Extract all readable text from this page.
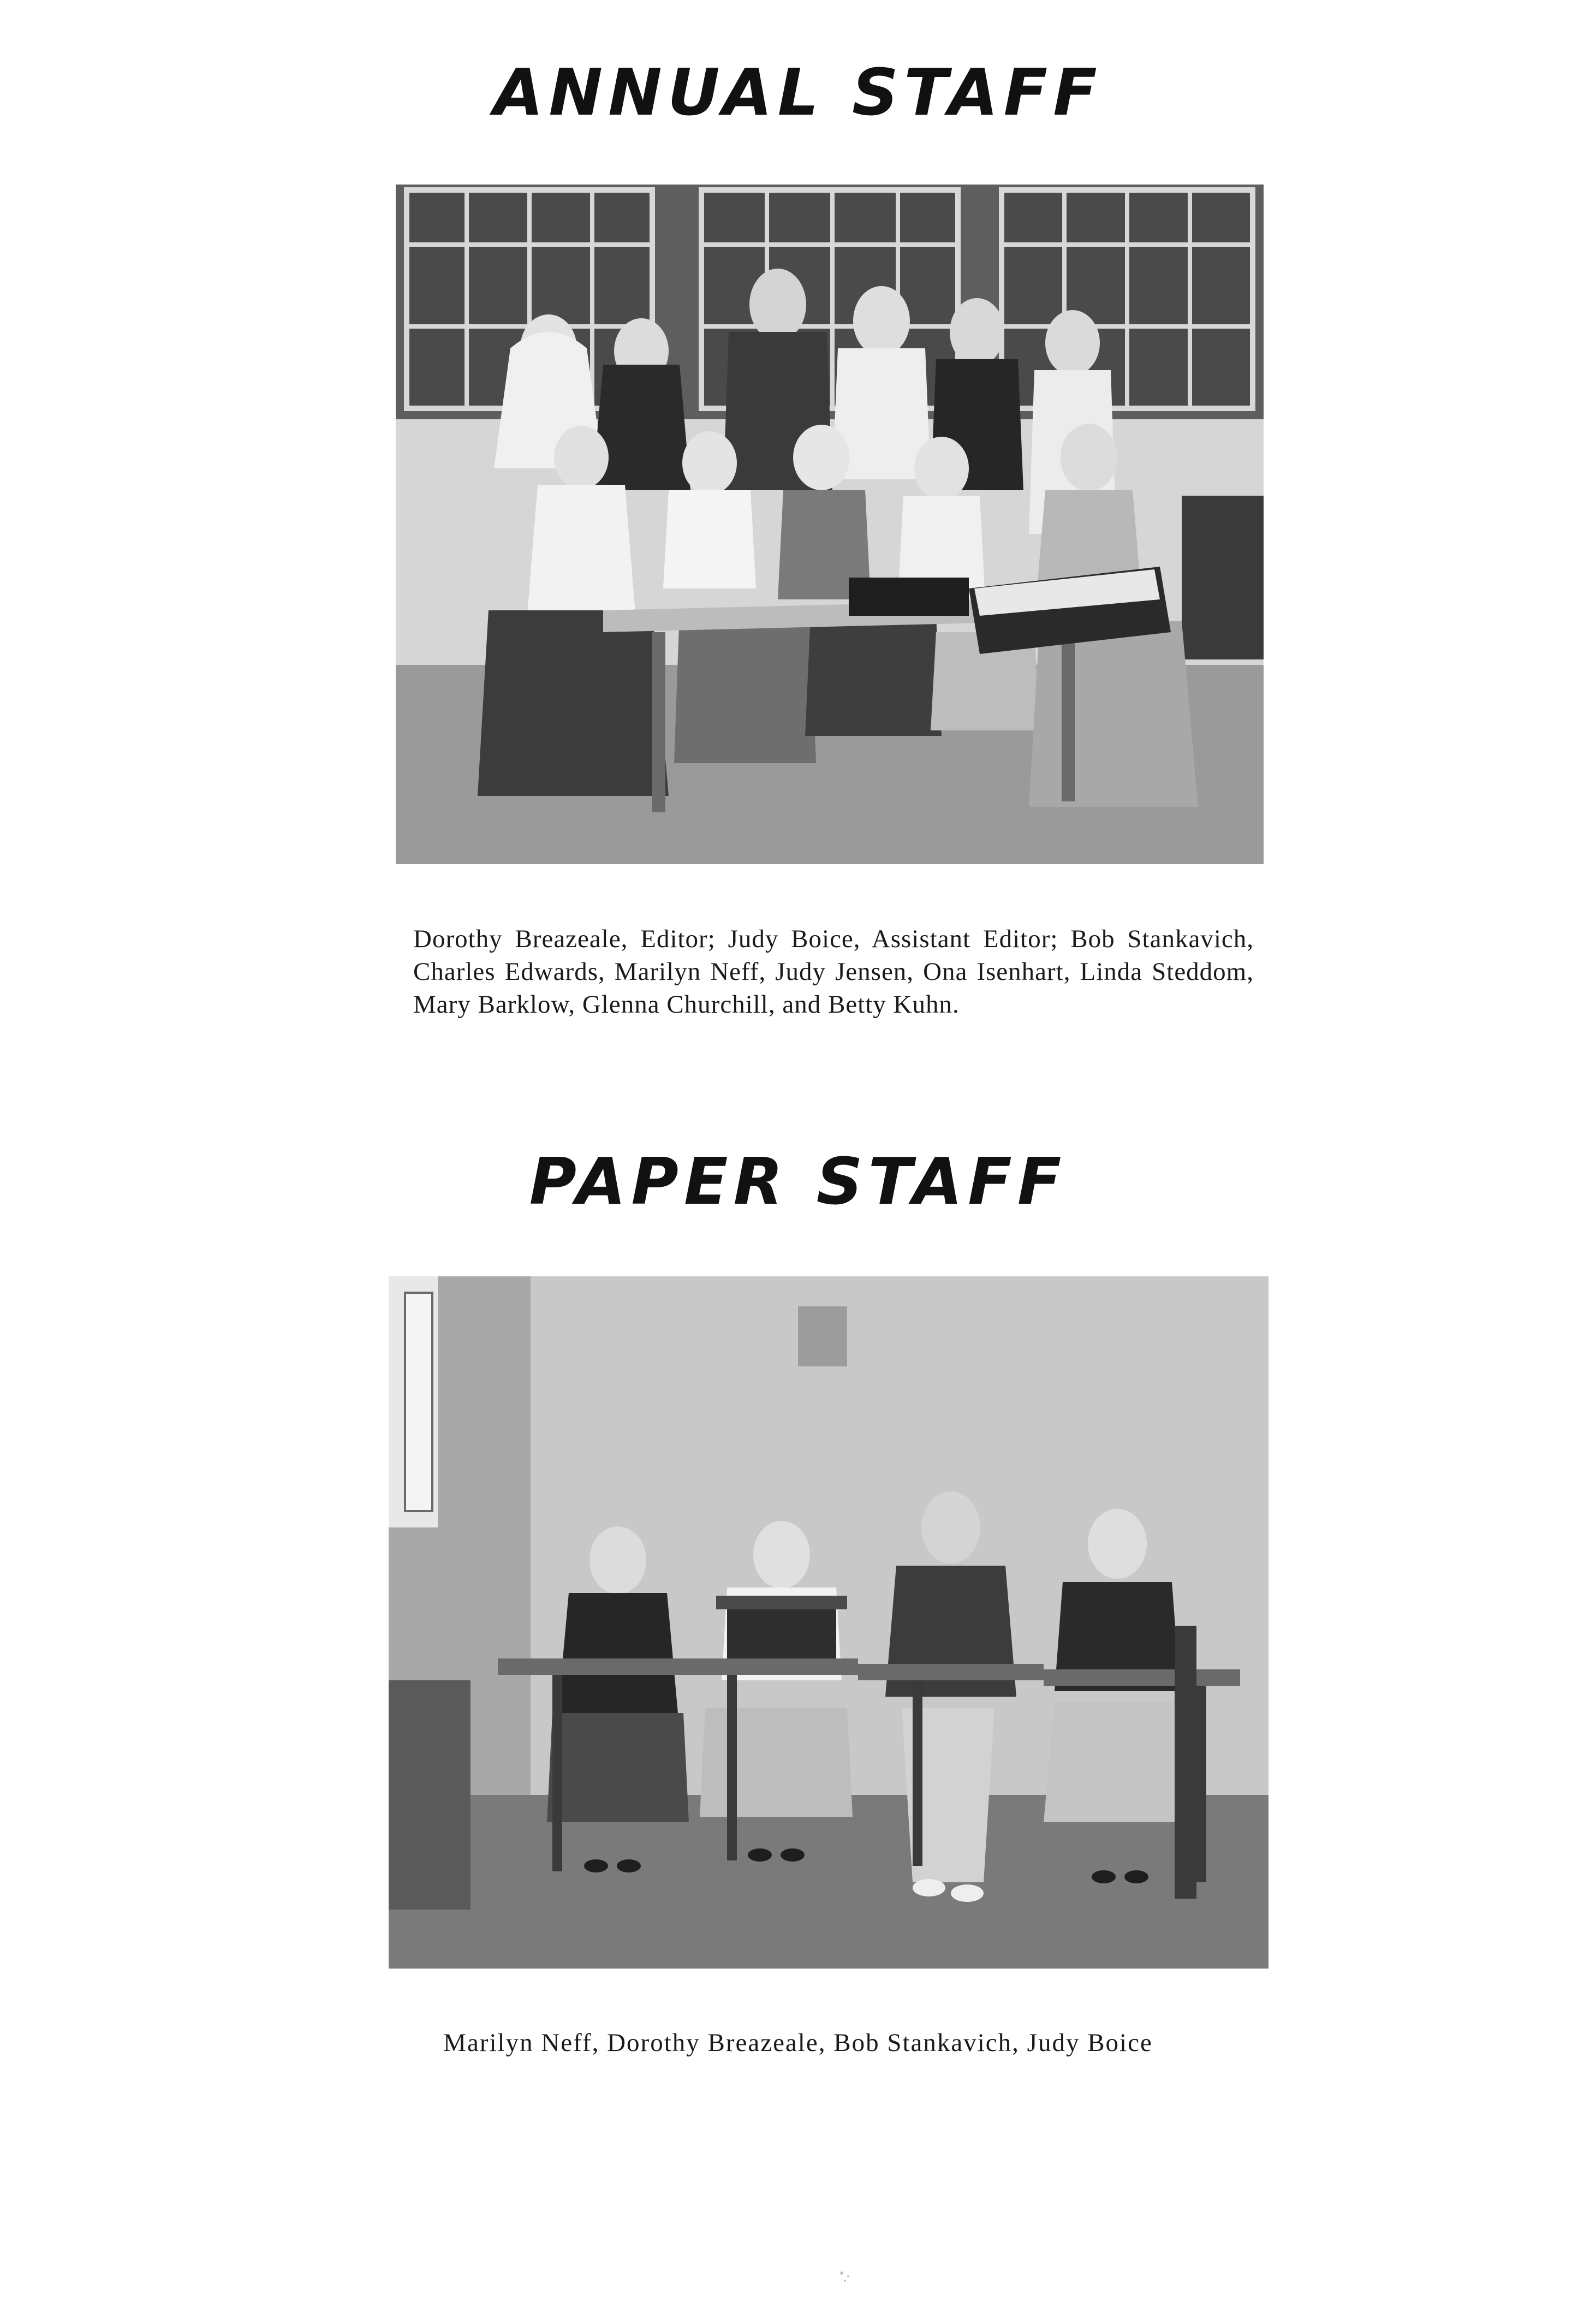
ANNUAL STAFF

Dorothy Breazeale, Editor; Judy Boice, Assistant Editor; Bob Stankavich, Charles Edwards, Marilyn Neff, Judy Jensen, Ona Isenhart, Linda Steddom, Mary Barklow, Glenna Churchill, and Betty Kuhn.

PAPER STAFF

Marilyn Neff, Dorothy Breazeale, Bob Stankavich, Judy Boice
